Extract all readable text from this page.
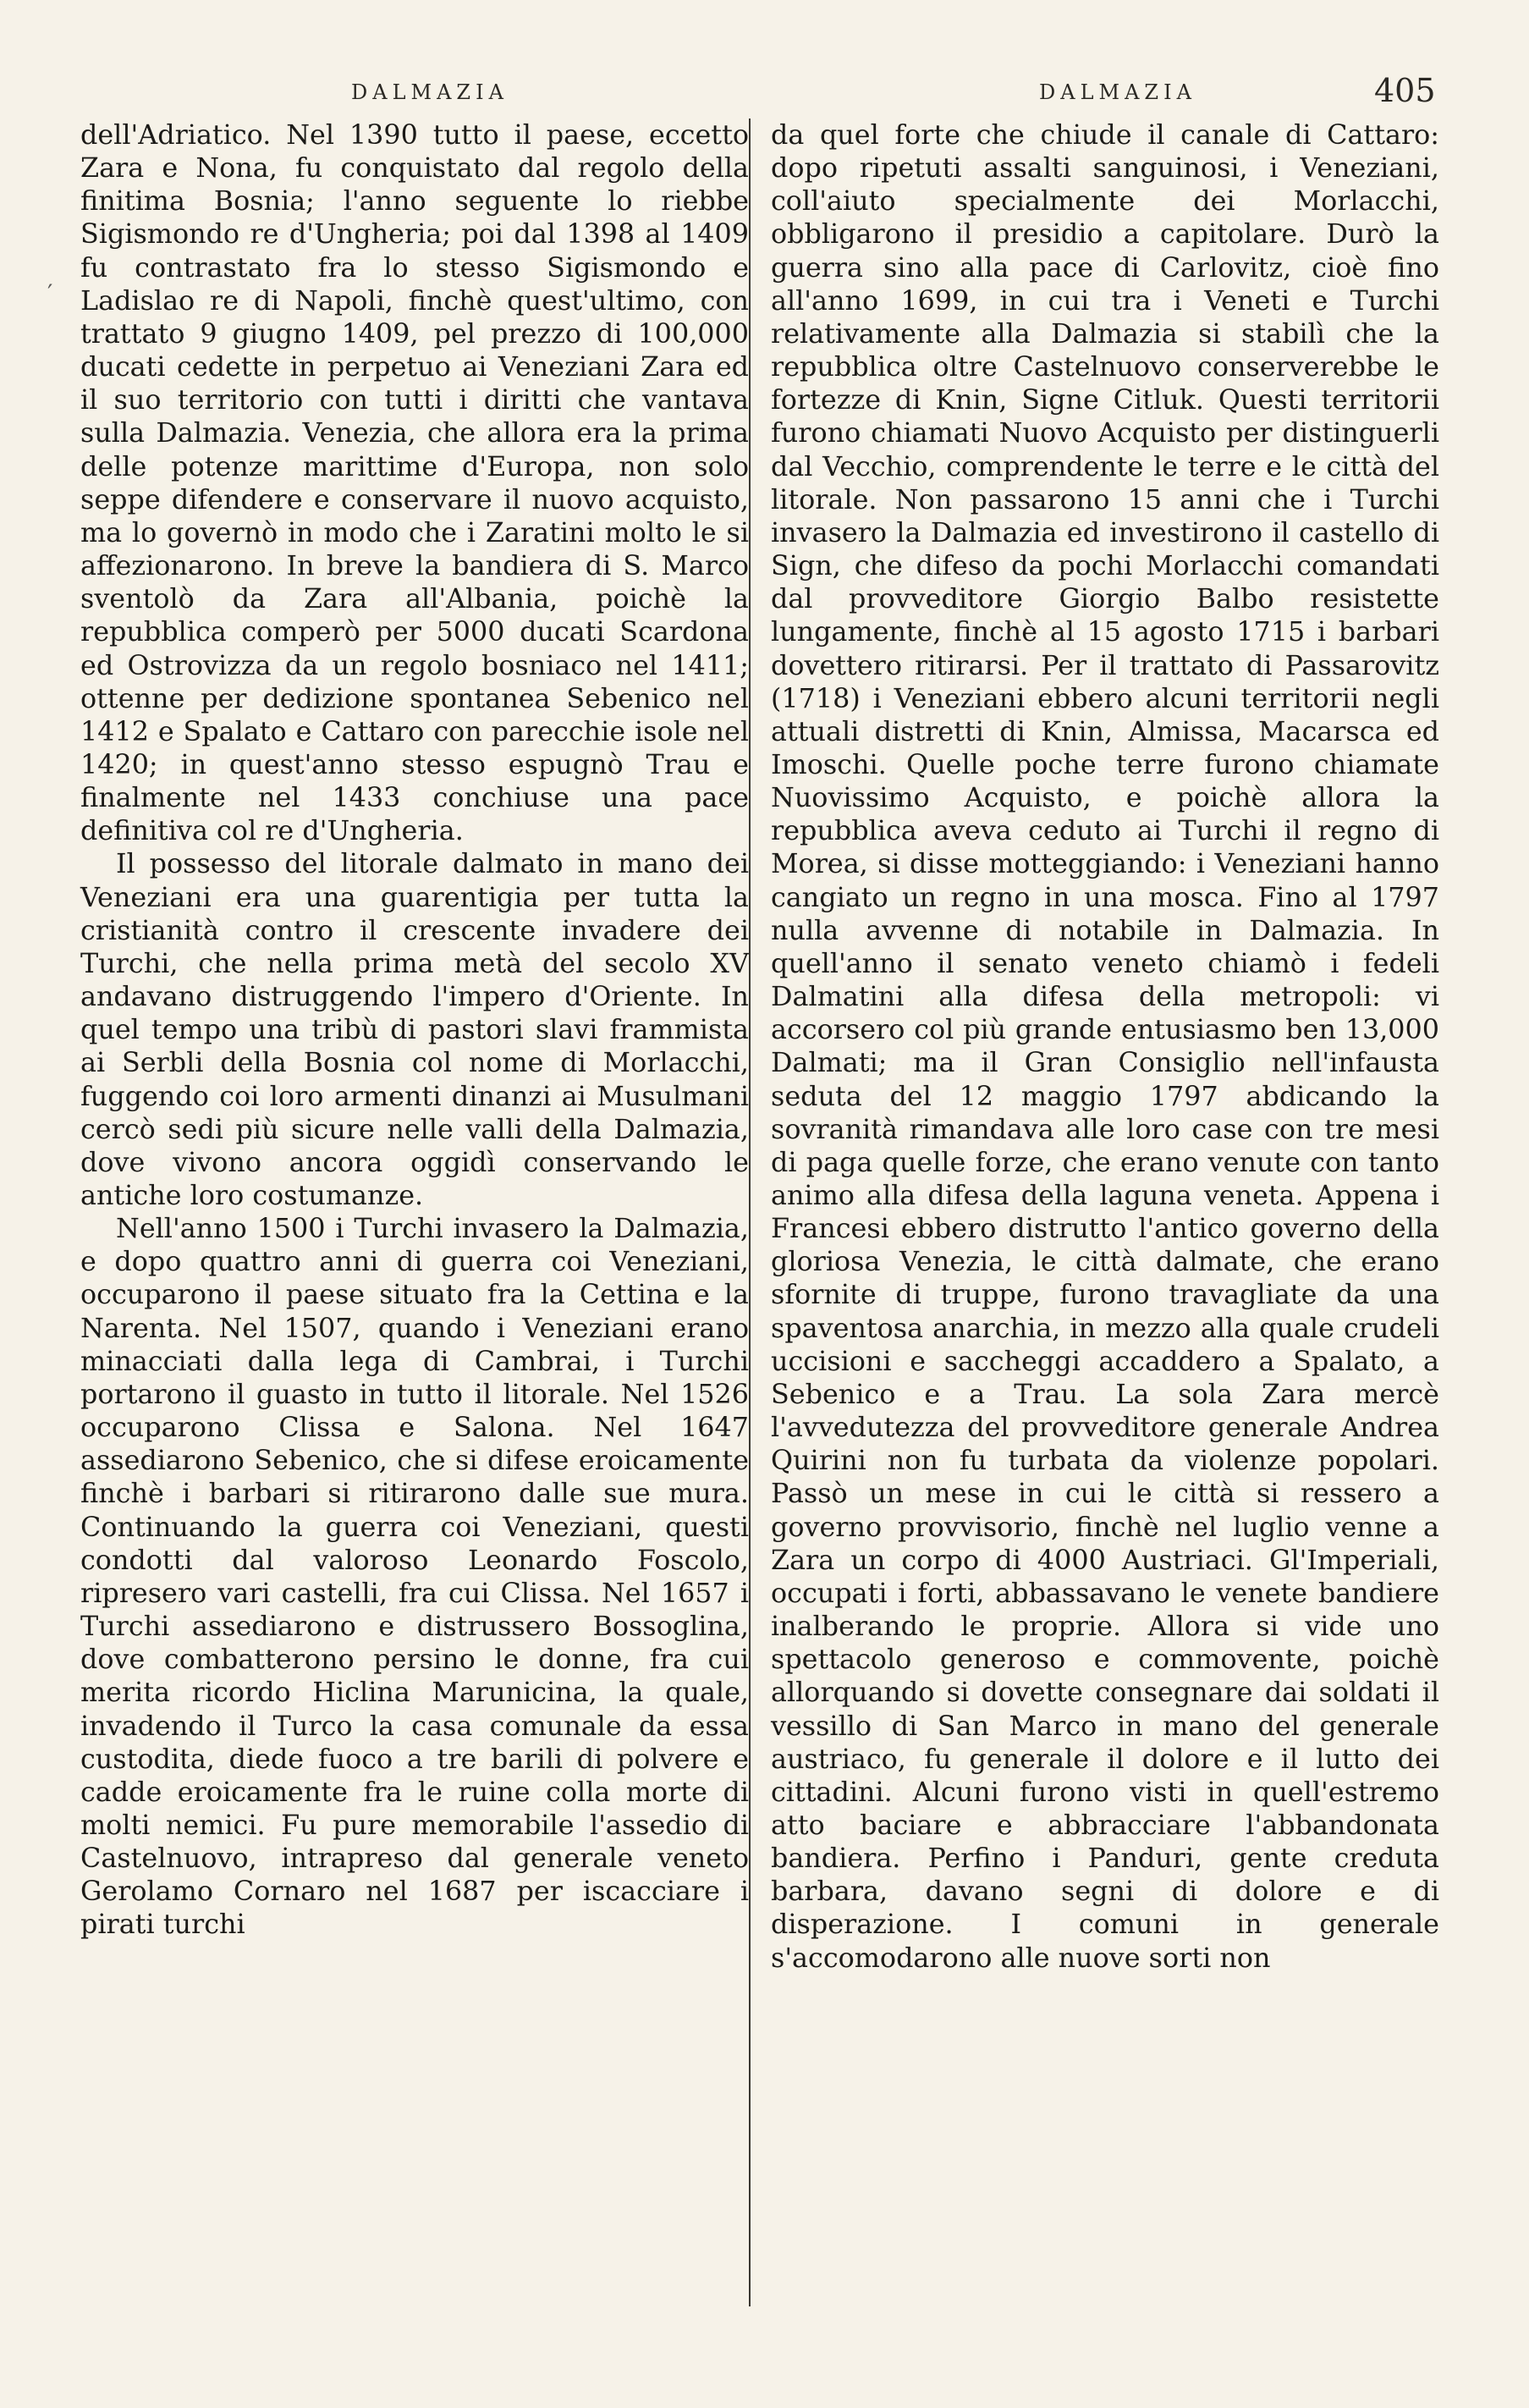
DALMAZIA	DALMAZIA	405
′

dell'Adriatico. Nel 1390 tutto il paese, eccetto Zara e Nona, fu conquistato dal regolo della finitima Bosnia; l'anno seguente lo riebbe Sigismondo re d'Ungheria; poi dal 1398 al 1409 fu contrastato fra lo stesso Sigismondo e Ladislao re di Napoli, finchè quest'ultimo, con trattato 9 giugno 1409, pel prezzo di 100,000 ducati cedette in perpetuo ai Veneziani Zara ed il suo territorio con tutti i diritti che vantava sulla Dalmazia. Venezia, che allora era la prima delle potenze marittime d'Europa, non solo seppe difendere e conservare il nuovo acquisto, ma lo governò in modo che i Zaratini molto le si affezionarono. In breve la bandiera di S. Marco sventolò da Zara all'Albania, poichè la repubblica comperò per 5000 ducati Scardona ed Ostrovizza da un regolo bosniaco nel 1411; ottenne per dedizione spontanea Sebenico nel 1412 e Spalato e Cattaro con parecchie isole nel 1420; in quest'anno stesso espugnò Trau e finalmente nel 1433 conchiuse una pace definitiva col re d'Ungheria.

Il possesso del litorale dalmato in mano dei Veneziani era una guarentigia per tutta la cristianità contro il crescente invadere dei Turchi, che nella prima metà del secolo XV andavano distruggendo l'impero d'Oriente. In quel tempo una tribù di pastori slavi frammista ai Serbli della Bosnia col nome di Morlacchi, fuggendo coi loro armenti dinanzi ai Musulmani cercò sedi più sicure nelle valli della Dalmazia, dove vivono ancora oggidì conservando le antiche loro costumanze.

Nell'anno 1500 i Turchi invasero la Dalmazia, e dopo quattro anni di guerra coi Veneziani, occuparono il paese situato fra la Cettina e la Narenta. Nel 1507, quando i Veneziani erano minacciati dalla lega di Cambrai, i Turchi portarono il guasto in tutto il litorale. Nel 1526 occuparono Clissa e Salona. Nel 1647 assediarono Sebenico, che si difese eroicamente finchè i barbari si ritirarono dalle sue mura. Continuando la guerra coi Veneziani, questi condotti dal valoroso Leonardo Foscolo, ripresero vari castelli, fra cui Clissa. Nel 1657 i Turchi assediarono e distrussero Bossoglina, dove combatterono persino le donne, fra cui merita ricordo Hiclina Marunicina, la quale, invadendo il Turco la casa comunale da essa custodita, diede fuoco a tre barili di polvere e cadde eroicamente fra le ruine colla morte di molti nemici. Fu pure memorabile l'assedio di Castelnuovo, intrapreso dal generale veneto Gerolamo Cornaro nel 1687 per iscacciare i pirati turchi

da quel forte che chiude il canale di Cattaro: dopo ripetuti assalti sanguinosi, i Veneziani, coll'aiuto specialmente dei Morlacchi, obbligarono il presidio a capitolare. Durò la guerra sino alla pace di Carlovitz, cioè fino all'anno 1699, in cui tra i Veneti e Turchi relativamente alla Dalmazia si stabilì che la repubblica oltre Castelnuovo conserverebbe le fortezze di Knin, Signe Citluk. Questi territorii furono chiamati Nuovo Acquisto per distinguerli dal Vecchio, comprendente le terre e le città del litorale. Non passarono 15 anni che i Turchi invasero la Dalmazia ed investirono il castello di Sign, che difeso da pochi Morlacchi comandati dal provveditore Giorgio Balbo resistette lungamente, finchè al 15 agosto 1715 i barbari dovettero ritirarsi. Per il trattato di Passarovitz (1718) i Veneziani ebbero alcuni territorii negli attuali distretti di Knin, Almissa, Macarsca ed Imoschi. Quelle poche terre furono chiamate Nuovissimo Acquisto, e poichè allora la repubblica aveva ceduto ai Turchi il regno di Morea, si disse motteggiando: i Veneziani hanno cangiato un regno in una mosca. Fino al 1797 nulla avvenne di notabile in Dalmazia. In quell'anno il senato veneto chiamò i fedeli Dalmatini alla difesa della metropoli: vi accorsero col più grande entusiasmo ben 13,000 Dalmati; ma il Gran Consiglio nell'infausta seduta del 12 maggio 1797 abdicando la sovranità rimandava alle loro case con tre mesi di paga quelle forze, che erano venute con tanto animo alla difesa della laguna veneta. Appena i Francesi ebbero distrutto l'antico governo della gloriosa Venezia, le città dalmate, che erano sfornite di truppe, furono travagliate da una spaventosa anarchia, in mezzo alla quale crudeli uccisioni e saccheggi accaddero a Spalato, a Sebenico e a Trau. La sola Zara mercè l'avvedutezza del provveditore generale Andrea Quirini non fu turbata da violenze popolari. Passò un mese in cui le città si ressero a governo provvisorio, finchè nel luglio venne a Zara un corpo di 4000 Austriaci. Gl'Imperiali, occupati i forti, abbassavano le venete bandiere inalberando le proprie. Allora si vide uno spettacolo generoso e commovente, poichè allorquando si dovette consegnare dai soldati il vessillo di San Marco in mano del generale austriaco, fu generale il dolore e il lutto dei cittadini. Alcuni furono visti in quell'estremo atto baciare e abbracciare l'abbandonata bandiera. Perfino i Panduri, gente creduta barbara, davano segni di dolore e di disperazione. I comuni in generale s'accomodarono alle nuove sorti non
